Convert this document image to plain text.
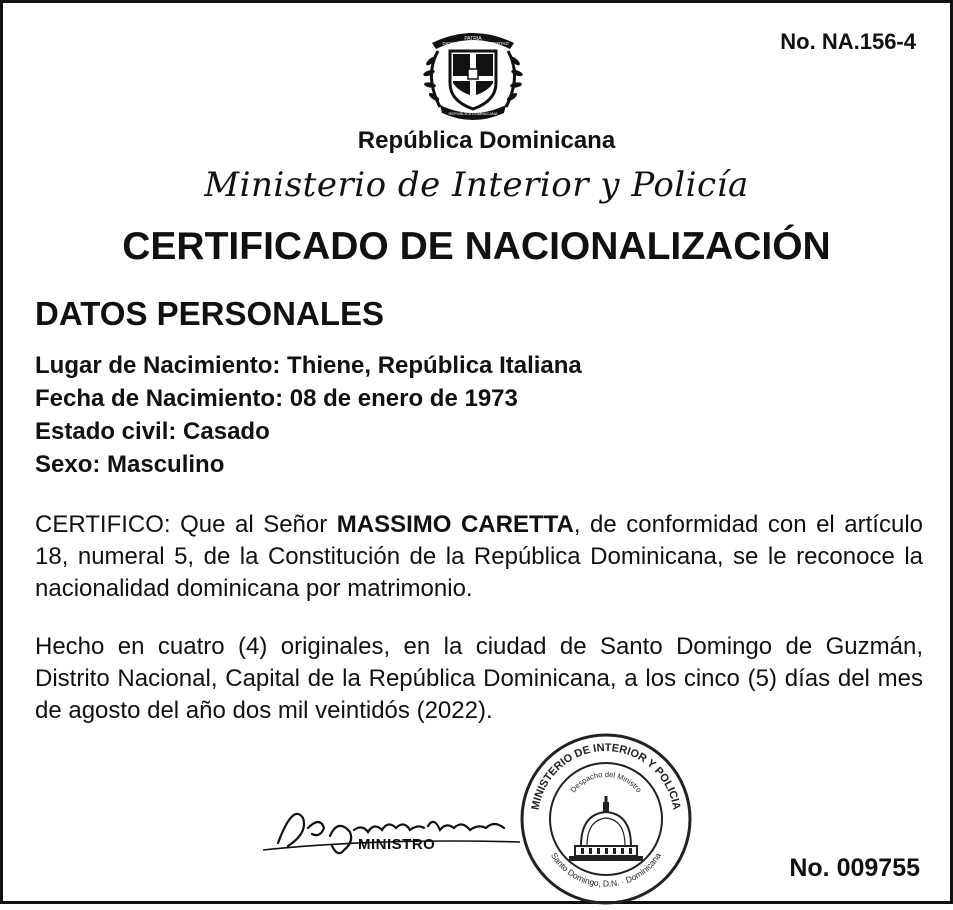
No. NA.156-4
PATRIA
DIOS	LIBERTAD
REPUBLICA DOMINICANA
República Dominicana
Ministerio de Interior y Policía
CERTIFICADO DE NACIONALIZACIÓN
DATOS PERSONALES
Lugar de Nacimiento: Thiene, República Italiana
Fecha de Nacimiento: 08 de enero de 1973
Estado civil: Casado
Sexo: Masculino
CERTIFICO: Que al Señor MASSIMO CARETTA, de conformidad con el artículo 18, numeral 5, de la Constitución de la República Dominicana, se le reconoce la nacionalidad dominicana por matrimonio.
Hecho en cuatro (4) originales, en la ciudad de Santo Domingo de Guzmán, Distrito Nacional, Capital de la República Dominicana, a los cinco (5) días del mes de agosto del año dos mil veintidós (2022).
MINISTRO
MINISTERIO DE INTERIOR Y POLICIA
Santo Domingo, D.N. · Dominicana
Despacho del Ministro
No. 009755
